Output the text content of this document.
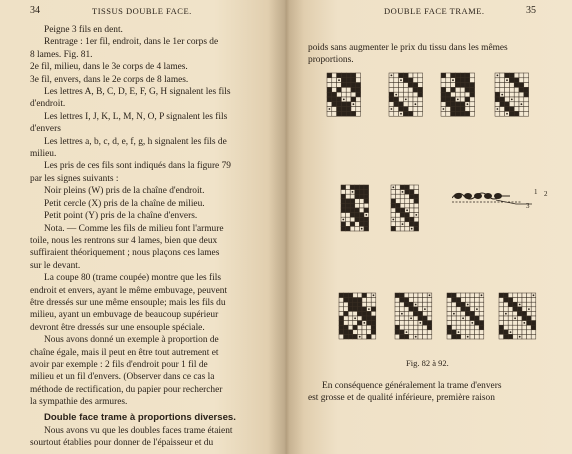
34	TISSUS DOUBLE FACE.

Peigne 3 fils en dent.

Rentrage : 1er fil, endroit, dans le 1er corps de

8 lames. Fig. 81.

2e fil, milieu, dans le 3e corps de 4 lames.

3e fil, envers, dans le 2e corps de 8 lames.

Les lettres A, B, C, D, E, F, G, H signalent les fils

d'endroit.

Les lettres I, J, K, L, M, N, O, P signalent les fils

d'envers

Les lettres a, b, c, d, e, f, g, h signalent les fils de

milieu.

Les pris de ces fils sont indiqués dans la figure 79

par les signes suivants :

Noir pleins (W) pris de la chaîne d'endroit.

Petit cercle (X) pris de la chaîne de milieu.

Petit point (Y) pris de la chaîne d'envers.

Nota. — Comme les fils de milieu font l'armure

toile, nous les rentrons sur 4 lames, bien que deux

suffiraient théoriquement ; nous plaçons ces lames

sur le devant.

La coupe 80 (trame coupée) montre que les fils

endroit et envers, ayant le même embuvage, peuvent

être dressés sur une même ensouple; mais les fils du

milieu, ayant un embuvage de beaucoup supérieur

devront être dressés sur une ensouple spéciale.

Nous avons donné un exemple à proportion de

chaîne égale, mais il peut en être tout autrement et

avoir par exemple : 2 fils d'endroit pour 1 fil de

milieu et un fil d'envers. (Observer dans ce cas la

méthode de rectification, du papier pour rechercher

la sympathie des armures.

Double face trame à proportions diverses.

Nous avons vu que les doubles faces trame étaient

sourtout établies pour donner de l'épaisseur et du

DOUBLE FACE TRAME.	35

poids sans augmenter le prix du tissu dans les mêmes

proportions.

1 2
3
Fig. 82 à 92.

En conséquence généralement la trame d'envers

est grosse et de qualité inférieure, première raison
